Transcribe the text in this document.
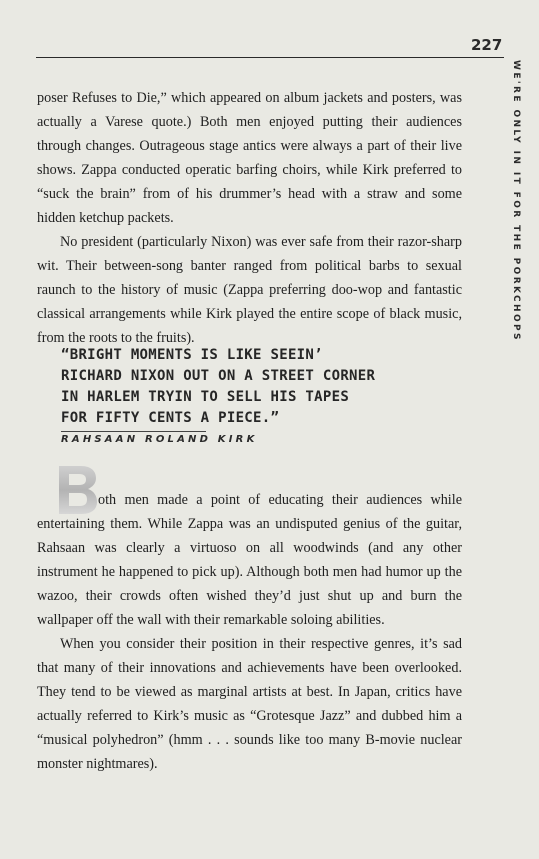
227
WE'RE ONLY IN IT FOR THE PORKCHOPS

poser Refuses to Die,” which appeared on album jackets and posters, was actually a Varese quote.) Both men enjoyed putting their audiences through changes. Outrageous stage antics were always a part of their live shows. Zappa conducted operatic barfing choirs, while Kirk preferred to “suck the brain” from of his drummer’s head with a straw and some hidden ketchup packets.

No president (particularly Nixon) was ever safe from their razor-sharp wit. Their between-song banter ranged from political barbs to sexual raunch to the history of music (Zappa preferring doo-wop and fantastic classical arrangements while Kirk played the entire scope of black music, from the roots to the fruits).

“BRIGHT MOMENTS IS LIKE SEEIN’
RICHARD NIXON OUT ON A STREET CORNER
IN HARLEM TRYIN TO SELL HIS TAPES
FOR FIFTY CENTS A PIECE.”
RAHSAAN ROLAND KIRK

oth men made a point of educating their audiences while entertaining them. While Zappa was an undisputed genius of the guitar, Rahsaan was clearly a virtuoso on all woodwinds (and any other instrument he happened to pick up). Although both men had humor up the wazoo, their crowds often wished they’d just shut up and burn the wallpaper off the wall with their remarkable soloing abilities.

When you consider their position in their respective genres, it’s sad that many of their innovations and achievements have been overlooked. They tend to be viewed as marginal artists at best. In Japan, critics have actually referred to Kirk’s music as “Grotesque Jazz” and dubbed him a “musical polyhedron” (hmm . . . sounds like too many B-movie nuclear monster nightmares).
